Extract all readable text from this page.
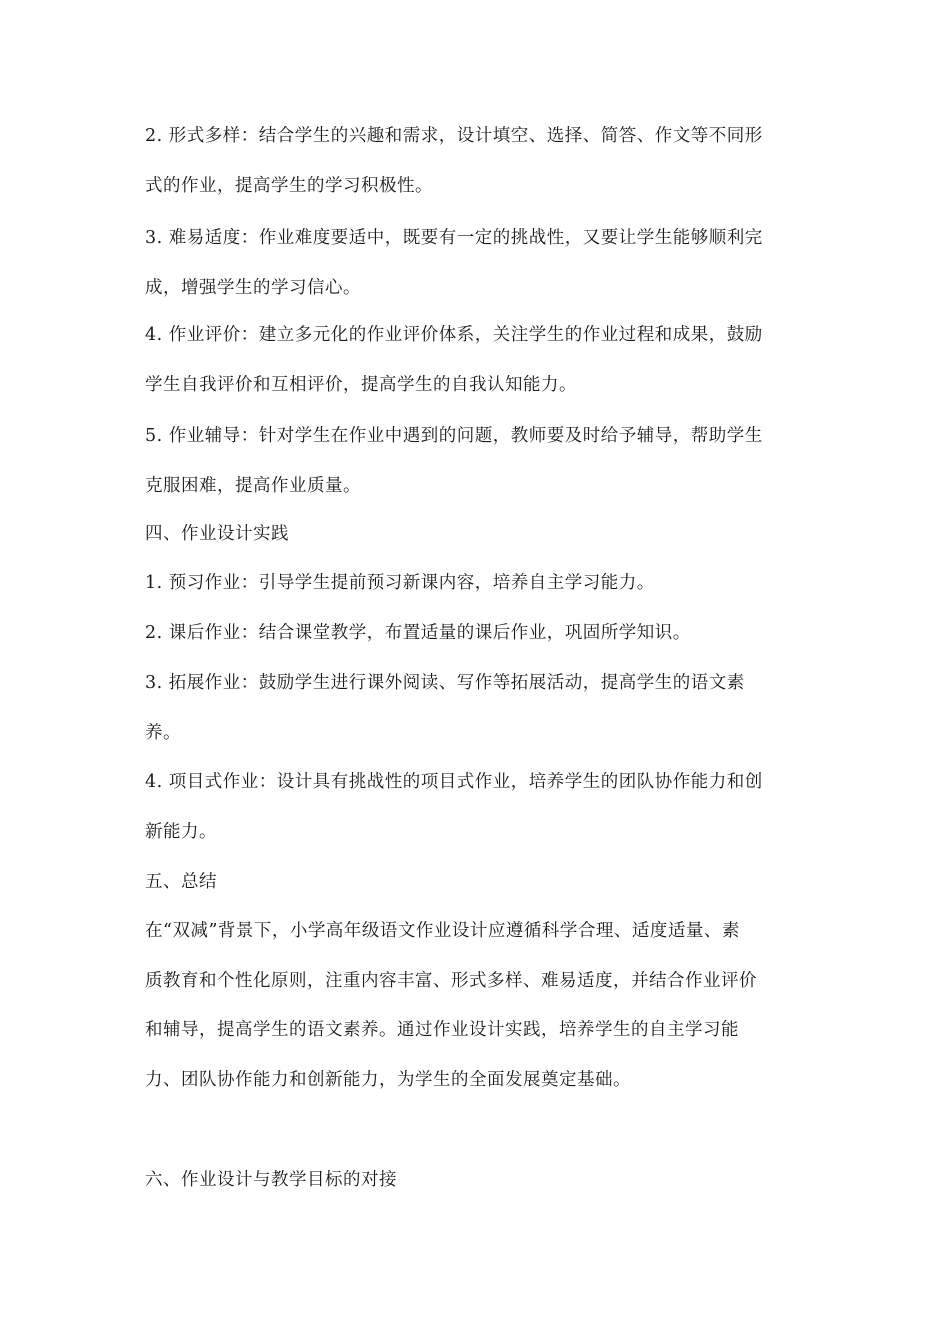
2. 形式多样：结合学生的兴趣和需求，设计填空、选择、简答、作文等不同形
式的作业，提高学生的学习积极性。
3. 难易适度：作业难度要适中，既要有一定的挑战性，又要让学生能够顺利完
成，增强学生的学习信心。
4. 作业评价：建立多元化的作业评价体系，关注学生的作业过程和成果，鼓励
学生自我评价和互相评价，提高学生的自我认知能力。
5. 作业辅导：针对学生在作业中遇到的问题，教师要及时给予辅导，帮助学生
克服困难，提高作业质量。
四、作业设计实践
1. 预习作业：引导学生提前预习新课内容，培养自主学习能力。
2. 课后作业：结合课堂教学，布置适量的课后作业，巩固所学知识。
3. 拓展作业：鼓励学生进行课外阅读、写作等拓展活动，提高学生的语文素
养。
4. 项目式作业：设计具有挑战性的项目式作业，培养学生的团队协作能力和创
新能力。
五、总结
在“双减”背景下，小学高年级语文作业设计应遵循科学合理、适度适量、素
质教育和个性化原则，注重内容丰富、形式多样、难易适度，并结合作业评价
和辅导，提高学生的语文素养。通过作业设计实践，培养学生的自主学习能
力、团队协作能力和创新能力，为学生的全面发展奠定基础。
六、作业设计与教学目标的对接
